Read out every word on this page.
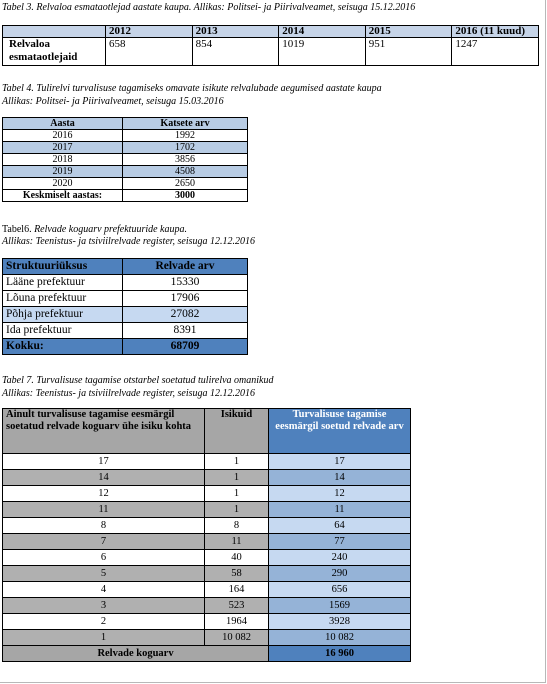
Tabel 3. Relvaloa esmataotlejad aastate kaupa. Allikas: Politsei- ja Piirivalveamet, seisuga 15.12.2016
	2012	2013	2014	2015	2016 (11 kuud)
Relvaloa esmataotlejaid	658	854	1019	951	1247
Tabel 4. Tulirelvi turvalisuse tagamiseks omavate isikute relvalubade aegumised aastate kaupa
Allikas: Politsei- ja Piirivalveamet, seisuga 15.03.2016
Aasta	Katsete arv
2016	1992
2017	1702
2018	3856
2019	4508
2020	2650
Keskmiselt aastas:	3000
Tabel6. Relvade koguarv prefektuuride kaupa.
Allikas: Teenistus- ja tsiviilrelvade register, seisuga 12.12.2016
Struktuuriüksus	Relvade arv
Lääne prefektuur	15330
Lõuna prefektuur	17906
Põhja prefektuur	27082
Ida prefektuur	8391
Kokku:	68709
Tabel 7. Turvalisuse tagamise otstarbel soetatud tulirelva omanikud
Allikas: Teenistus- ja tsiviilrelvade register, seisuga 12.12.2016
Ainult turvalisuse tagamise eesmärgil soetatud relvade koguarv ühe isiku kohta	Isikuid	Turvalisuse tagamise eesmärgil soetud relvade arv
17	1	17
14	1	14
12	1	12
11	1	11
8	8	64
7	11	77
6	40	240
5	58	290
4	164	656
3	523	1569
2	1964	3928
1	10 082	10 082
Relvade koguarv		16 960
